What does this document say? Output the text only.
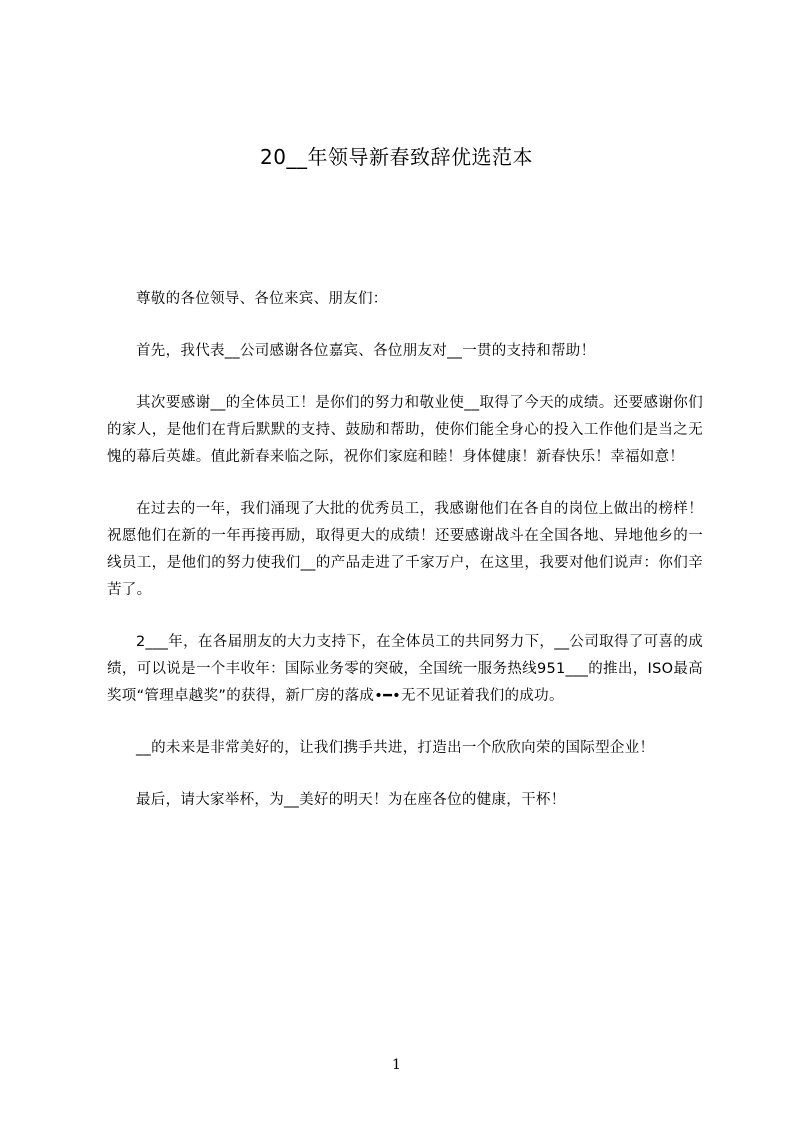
20__年领导新春致辞优选范本

尊敬的各位领导、各位来宾、朋友们：

首先，我代表__公司感谢各位嘉宾、各位朋友对__一贯的支持和帮助！

其次要感谢__的全体员工！是你们的努力和敬业使__取得了今天的成绩。还要感谢你们的家人，是他们在背后默默的支持、鼓励和帮助，使你们能全身心的投入工作他们是当之无愧的幕后英雄。值此新春来临之际，祝你们家庭和睦！身体健康！新春快乐！幸福如意！

在过去的一年，我们涌现了大批的优秀员工，我感谢他们在各自的岗位上做出的榜样！祝愿他们在新的一年再接再励，取得更大的成绩！还要感谢战斗在全国各地、异地他乡的一线员工，是他们的努力使我们__的产品走进了千家万户，在这里，我要对他们说声：你们辛苦了。

2___年，在各届朋友的大力支持下，在全体员工的共同努力下，__公司取得了可喜的成绩，可以说是一个丰收年：国际业务零的突破，全国统一服务热线951___的推出，ISO最高奖项“管理卓越奖”的获得，新厂房的落成•━•无不见证着我们的成功。

__的未来是非常美好的，让我们携手共进，打造出一个欣欣向荣的国际型企业！

最后，请大家举杯，为__美好的明天！为在座各位的健康，干杯！

1
